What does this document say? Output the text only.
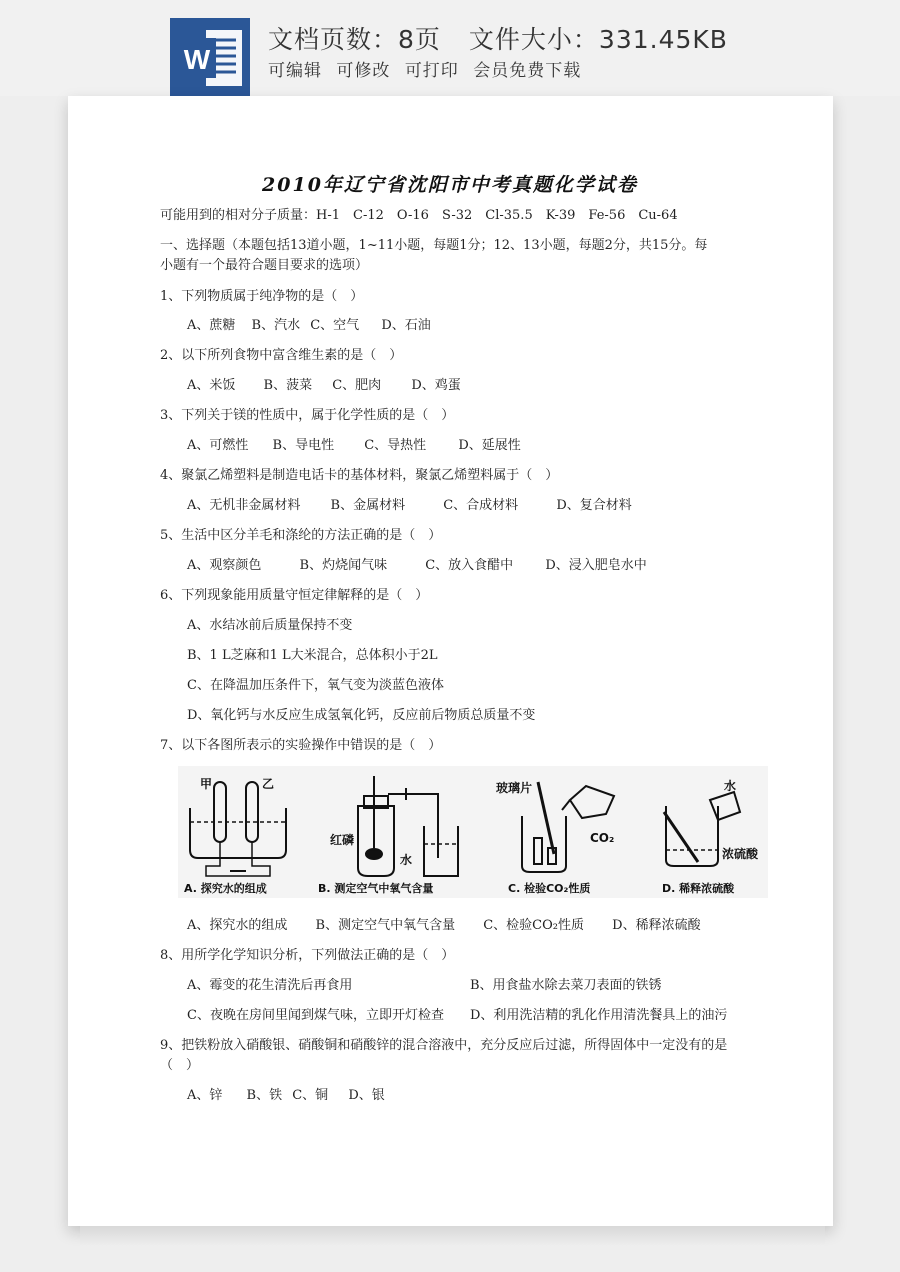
W
文档页数：8页 文件大小：331.45KB
可编辑 可修改 可打印 会员免费下载
2010年辽宁省沈阳市中考真题化学试卷
可能用到的相对分子质量：H-1　C-12　O-16　S-32　Cl-35.5　K-39　Fe-56　Cu-64
一、选择题（本题包括13道小题，1~11小题，每题1分；12、13小题，每题2分，共15分。每
小题有一个最符合题目要求的选项）
1、下列物质属于纯净物的是（　）
A、蔗糖 B、汽水 C、空气 D、石油
2、以下所列食物中富含维生素的是（　）
A、米饭 B、菠菜 C、肥肉 D、鸡蛋
3、下列关于镁的性质中，属于化学性质的是（　）
A、可燃性 B、导电性 C、导热性 D、延展性
4、聚氯乙烯塑料是制造电话卡的基体材料，聚氯乙烯塑料属于（　）
A、无机非金属材料 B、金属材料	C、合成材料	D、复合材料
5、生活中区分羊毛和涤纶的方法正确的是（　）
A、观察颜色	B、灼烧闻气味	C、放入食醋中 D、浸入肥皂水中
6、下列现象能用质量守恒定律解释的是（　）
A、水结冰前后质量保持不变
B、1 L芝麻和1 L大米混合，总体积小于2L
C、在降温加压条件下，氧气变为淡蓝色液体
D、氧化钙与水反应生成氢氧化钙，反应前后物质总质量不变
7、以下各图所表示的实验操作中错误的是（　）
甲	乙
A. 探究水的组成
红磷
水
B. 测定空气中氧气含量
玻璃片
CO₂
C. 检验CO₂性质
水
浓硫酸
D. 稀释浓硫酸
A、探究水的组成 B、测定空气中氧气含量 C、检验CO₂性质 D、稀释浓硫酸
8、用所学化学知识分析，下列做法正确的是（　）
A、霉变的花生清洗后再食用	B、用食盐水除去菜刀表面的铁锈
C、夜晚在房间里闻到煤气味，立即开灯检查 D、利用洗洁精的乳化作用清洗餐具上的油污
9、把铁粉放入硝酸银、硝酸铜和硝酸锌的混合溶液中，充分反应后过滤，所得固体中一定没有的是
（　）
A、锌 B、铁 C、铜 D、银
